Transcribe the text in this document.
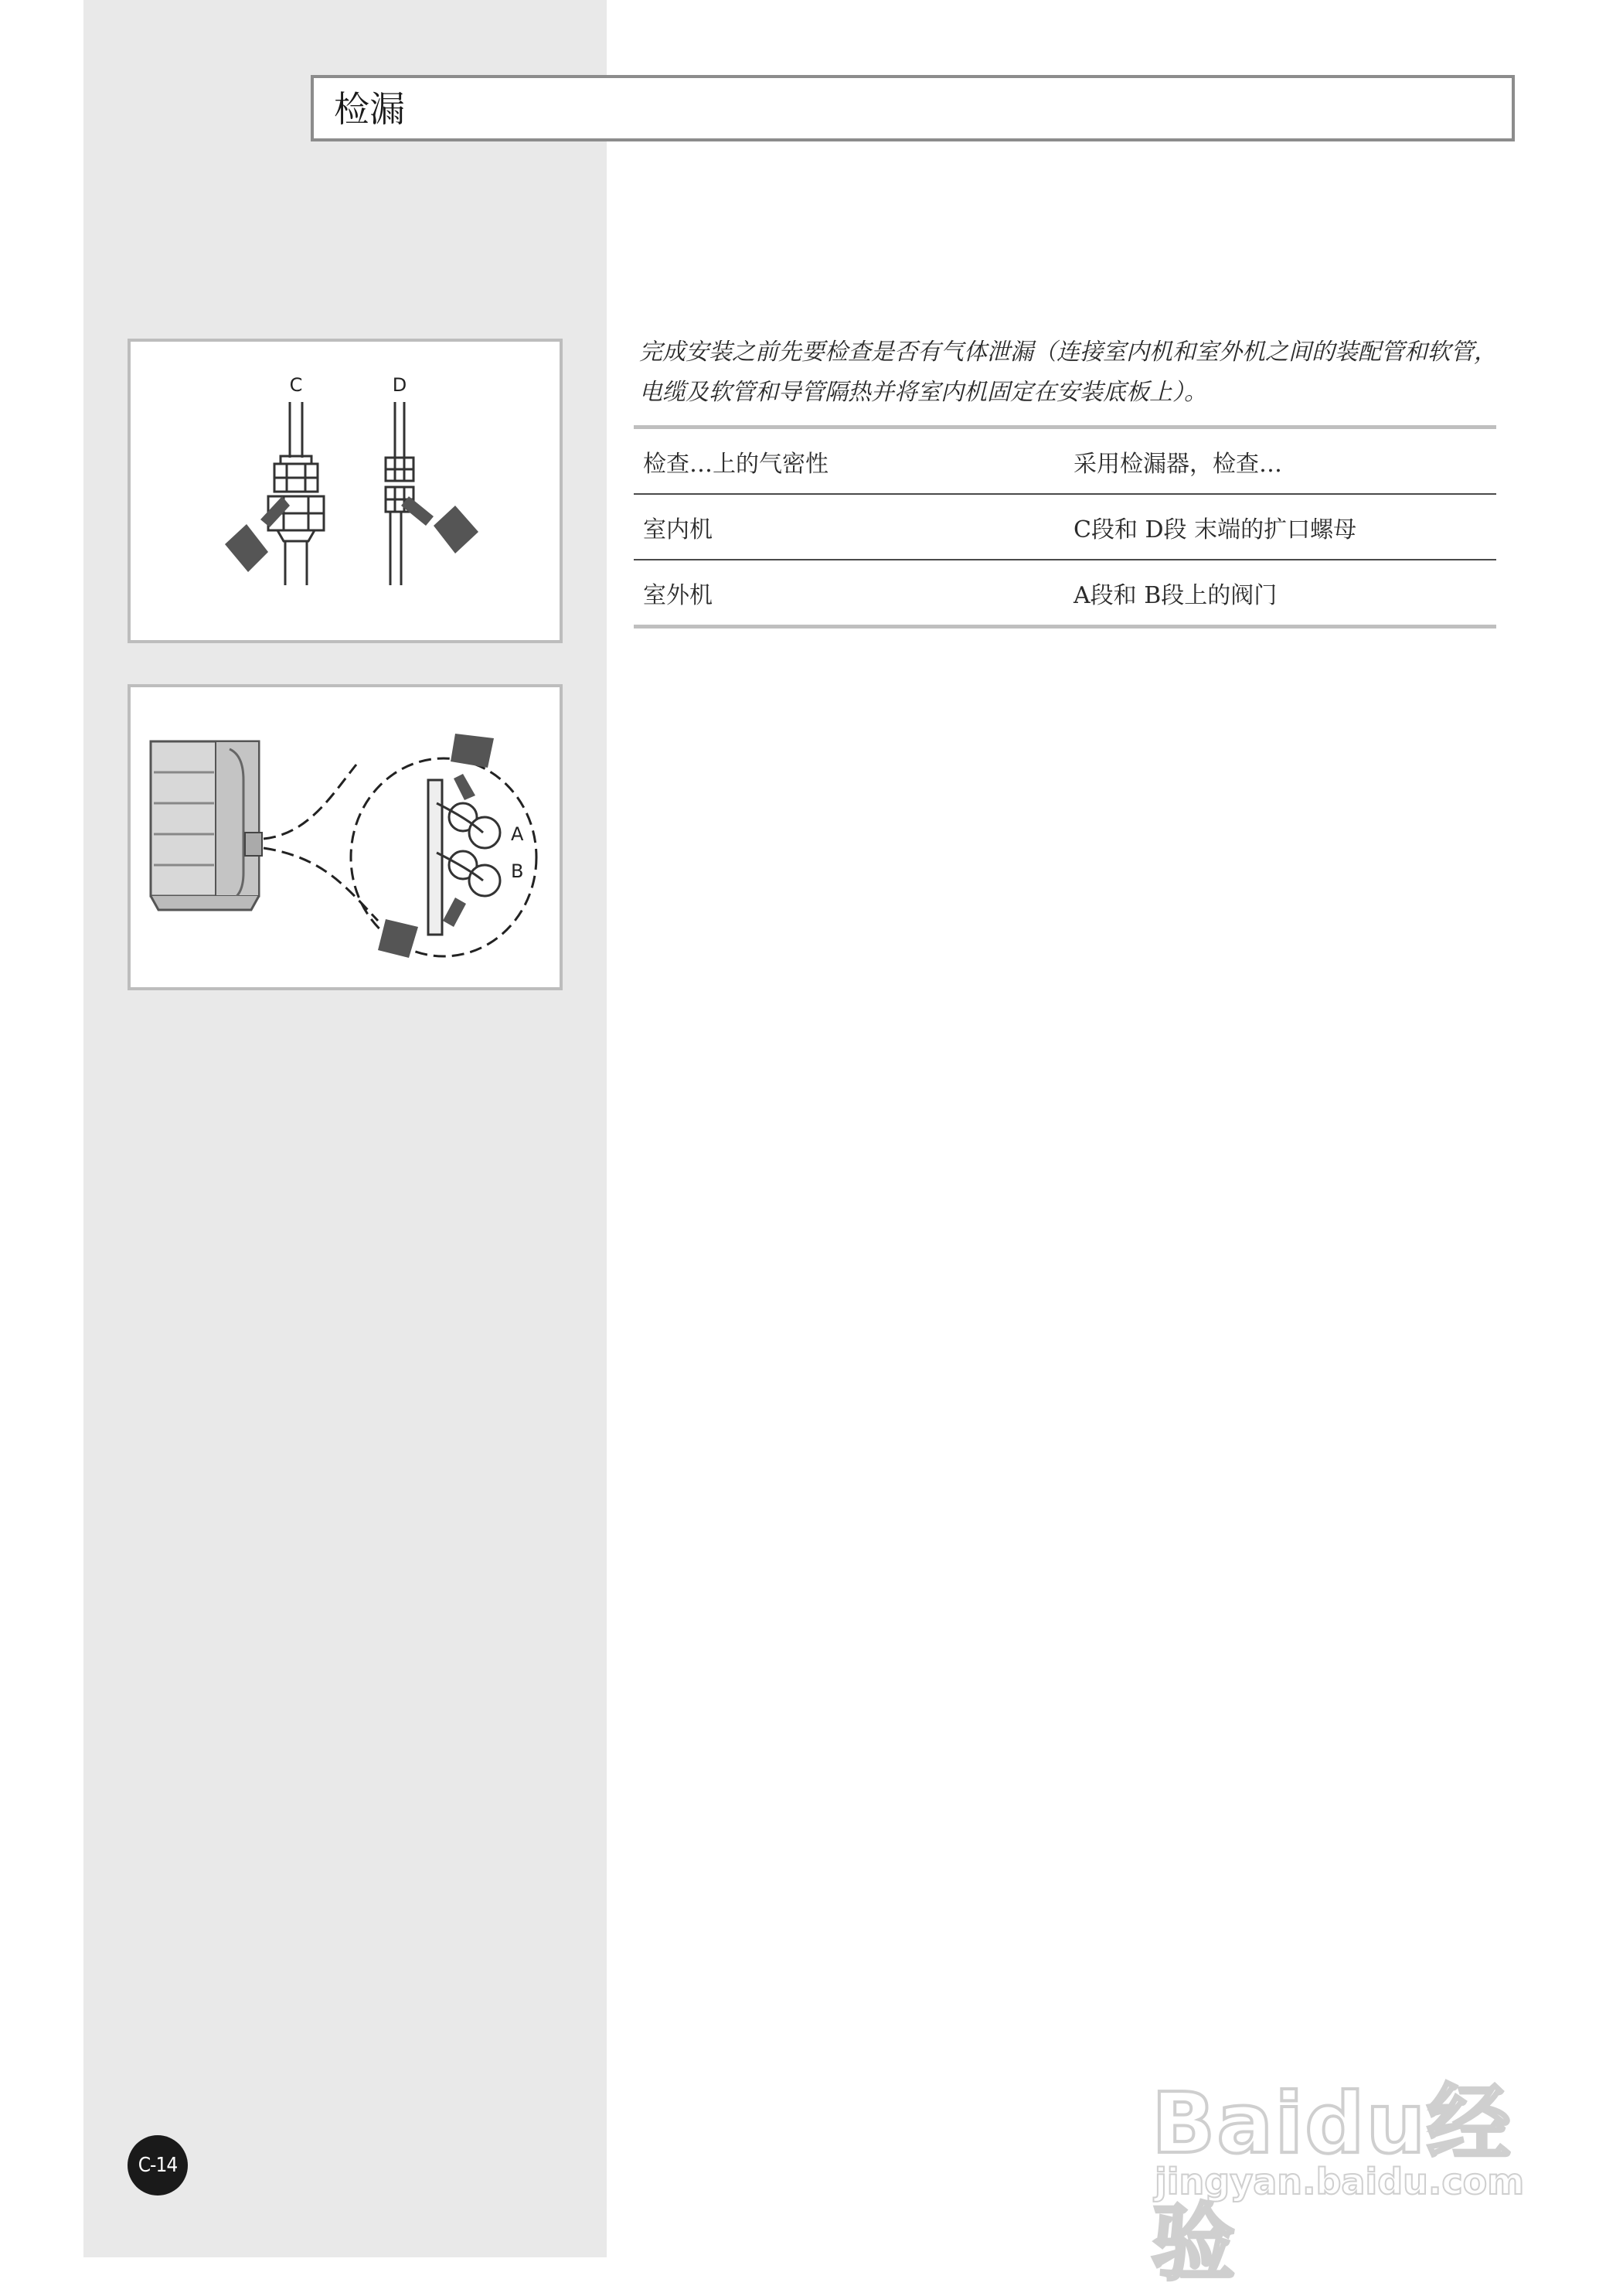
检漏
C	D
A
B

完成安装之前先要检查是否有气体泄漏（连接室内机和室外机之间的装配管和软管，电缆及软管和导管隔热并将室内机固定在安装底板上）。

检查…上的气密性	采用检漏器，检查…
室内机	C段和 D段 末端的扩口螺母
室外机	A段和 B段上的阀门
C-14	Baidu经验
jingyan.baidu.com
